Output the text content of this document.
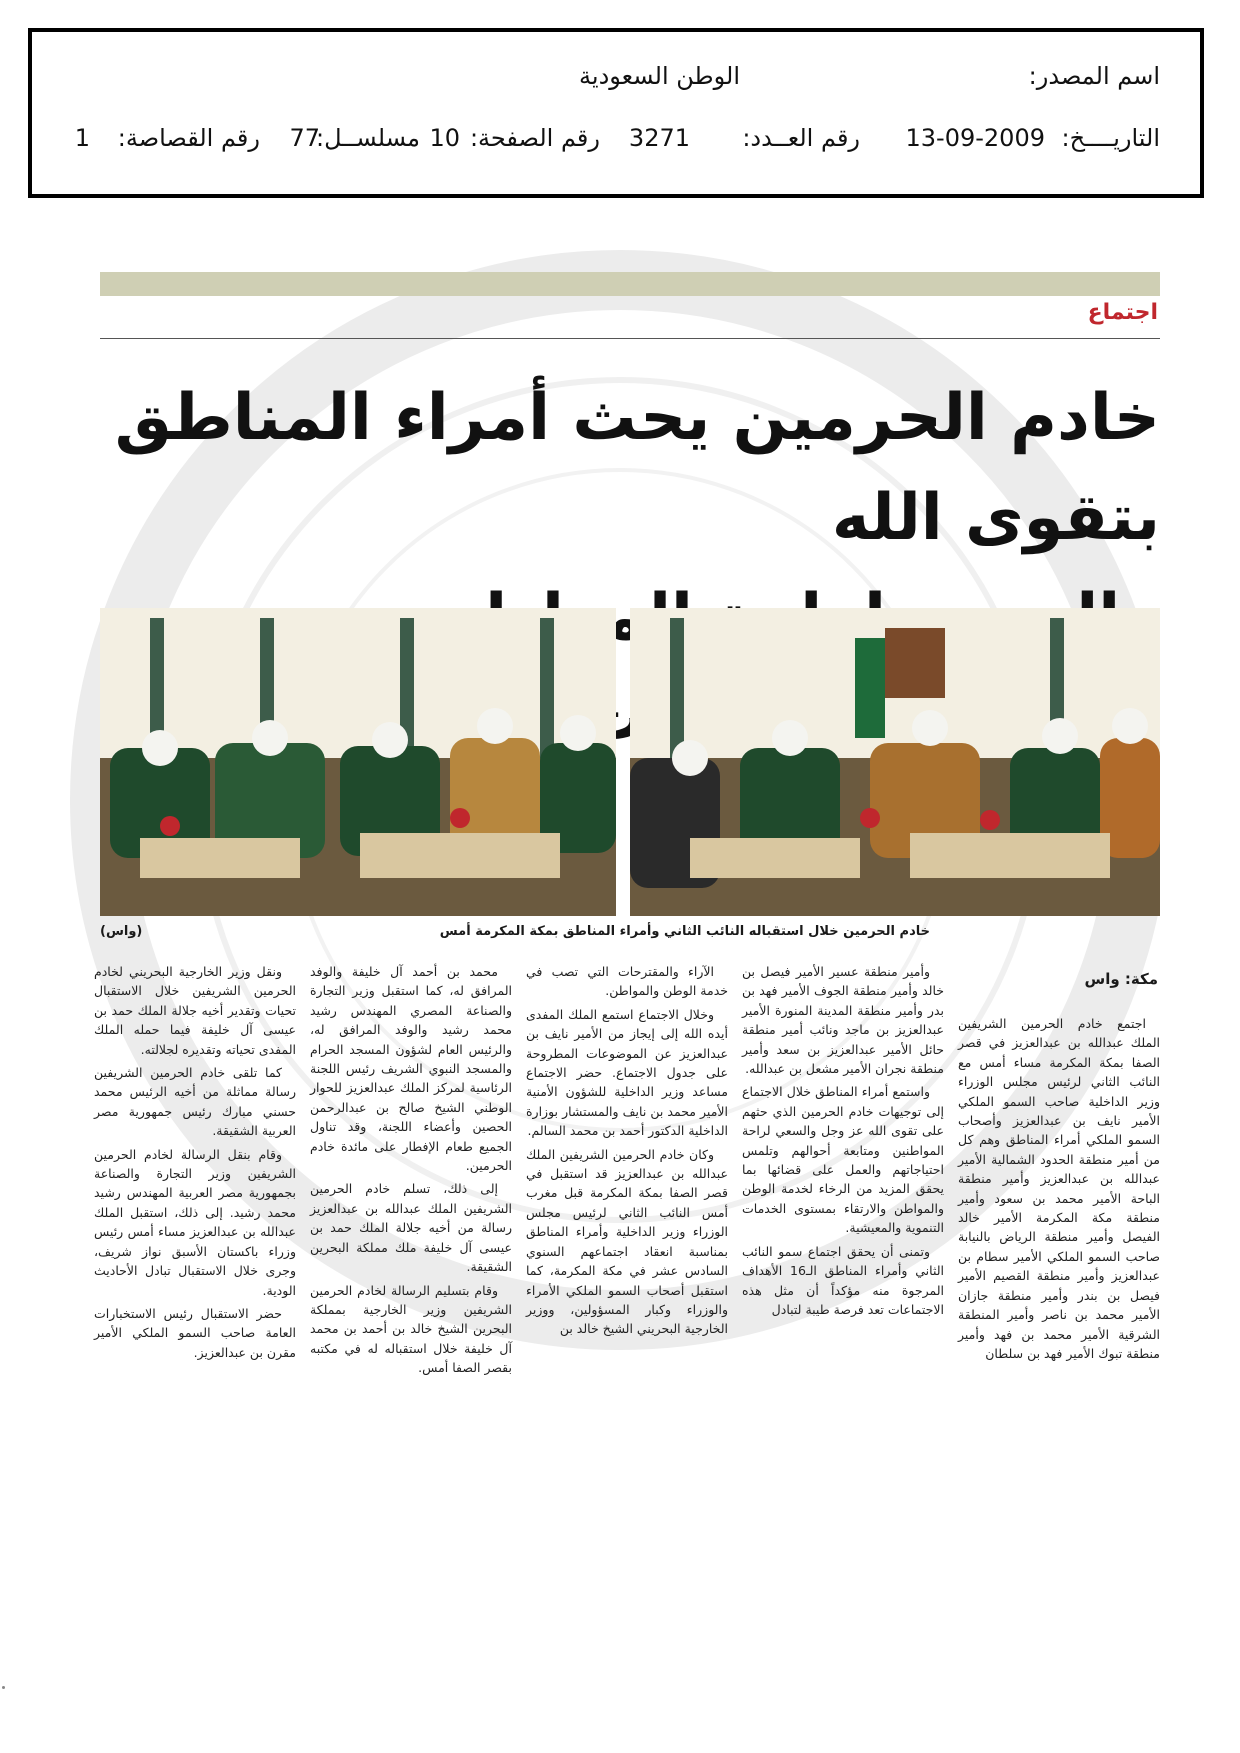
اسم المصدر:
الوطن السعودية
التاريــــخ:
13-09-2009
رقم العــدد:
3271
رقم الصفحة:
10
مسلســل:
77
رقم القصاصة:
1
اجتماع
خادم الحرمين يحث أمراء المناطق بتقوى الله
خادم الحرمين خلال استقباله النائب الثاني وأمراء المناطق بمكة المكرمة أمس
(واس)
مكة: واس

اجتمع خادم الحرمين الشريفين الملك عبدالله بن عبدالعزيز في قصر الصفا بمكة المكرمة مساء أمس مع النائب الثاني لرئيس مجلس الوزراء وزير الداخلية صاحب السمو الملكي الأمير نايف بن عبدالعزيز وأصحاب السمو الملكي أمراء المناطق وهم كل من أمير منطقة الحدود الشمالية الأمير عبدالله بن عبدالعزيز وأمير منطقة الباحة الأمير محمد بن سعود وأمير منطقة مكة المكرمة الأمير خالد الفيصل وأمير منطقة الرياض بالنيابة صاحب السمو الملكي الأمير سطام بن عبدالعزيز وأمير منطقة القصيم الأمير فيصل بن بندر وأمير منطقة جازان الأمير محمد بن ناصر وأمير المنطقة الشرقية الأمير محمد بن فهد وأمير منطقة تبوك الأمير فهد بن سلطان

وأمير منطقة عسير الأمير فيصل بن خالد وأمير منطقة الجوف الأمير فهد بن بدر وأمير منطقة المدينة المنورة الأمير عبدالعزيز بن ماجد ونائب أمير منطقة حائل الأمير عبدالعزيز بن سعد وأمير منطقة نجران الأمير مشعل بن عبدالله.

واستمع أمراء المناطق خلال الاجتماع إلى توجيهات خادم الحرمين الذي حثهم على تقوى الله عز وجل والسعي لراحة المواطنين ومتابعة أحوالهم وتلمس احتياجاتهم والعمل على قضائها بما يحقق المزيد من الرخاء لخدمة الوطن والمواطن والارتقاء بمستوى الخدمات التنموية والمعيشية.

وتمنى أن يحقق اجتماع سمو النائب الثاني وأمراء المناطق الـ16 الأهداف المرجوة منه مؤكداً أن مثل هذه الاجتماعات تعد فرصة طيبة لتبادل

الآراء والمقترحات التي تصب في خدمة الوطن والمواطن.

وخلال الاجتماع استمع الملك المفدى أيده الله إلى إيجاز من الأمير نايف بن عبدالعزيز عن الموضوعات المطروحة على جدول الاجتماع. حضر الاجتماع مساعد وزير الداخلية للشؤون الأمنية الأمير محمد بن نايف والمستشار بوزارة الداخلية الدكتور أحمد بن محمد السالم.

وكان خادم الحرمين الشريفين الملك عبدالله بن عبدالعزيز قد استقبل في قصر الصفا بمكة المكرمة قبل مغرب أمس النائب الثاني لرئيس مجلس الوزراء وزير الداخلية وأمراء المناطق بمناسبة انعقاد اجتماعهم السنوي السادس عشر في مكة المكرمة، كما استقبل أصحاب السمو الملكي الأمراء والوزراء وكبار المسؤولين، ووزير الخارجية البحريني الشيخ خالد بن

محمد بن أحمد آل خليفة والوفد المرافق له، كما استقبل وزير التجارة والصناعة المصري المهندس رشيد محمد رشيد والوفد المرافق له، والرئيس العام لشؤون المسجد الحرام والمسجد النبوي الشريف رئيس اللجنة الرئاسية لمركز الملك عبدالعزيز للحوار الوطني الشيخ صالح بن عبدالرحمن الحصين وأعضاء اللجنة، وقد تناول الجميع طعام الإفطار على مائدة خادم الحرمين.

إلى ذلك، تسلم خادم الحرمين الشريفين الملك عبدالله بن عبدالعزيز رسالة من أخيه جلالة الملك حمد بن عيسى آل خليفة ملك مملكة البحرين الشقيقة.

وقام بتسليم الرسالة لخادم الحرمين الشريفين وزير الخارجية بمملكة البحرين الشيخ خالد بن أحمد بن محمد آل خليفة خلال استقباله له في مكتبه بقصر الصفا أمس.

ونقل وزير الخارجية البحريني لخادم الحرمين الشريفين خلال الاستقبال تحيات وتقدير أخيه جلالة الملك حمد بن عيسى آل خليفة فيما حمله الملك المفدى تحياته وتقديره لجلالته.

كما تلقى خادم الحرمين الشريفين رسالة مماثلة من أخيه الرئيس محمد حسني مبارك رئيس جمهورية مصر العربية الشقيقة.

وقام بنقل الرسالة لخادم الحرمين الشريفين وزير التجارة والصناعة بجمهورية مصر العربية المهندس رشيد محمد رشيد. إلى ذلك، استقبل الملك عبدالله بن عبدالعزيز مساء أمس رئيس وزراء باكستان الأسبق نواز شريف، وجرى خلال الاستقبال تبادل الأحاديث الودية.

حضر الاستقبال رئيس الاستخبارات العامة صاحب السمو الملكي الأمير مقرن بن عبدالعزيز.
